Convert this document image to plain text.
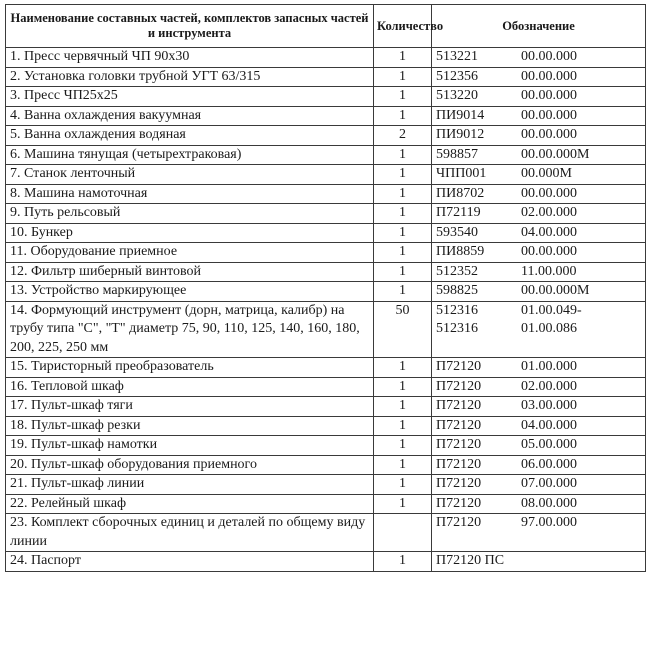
Наименование составных частей, комплектов запасных частей и инструмента	Количество	Обозначение
1. Пресс червячный ЧП 90х30	1	513221 00.00.000

2. Установка головки трубной УГТ 63/315	1	512356 00.00.000

3. Пресс ЧП25х25	1	513220 00.00.000

4. Ванна охлаждения вакуумная	1	ПИ9014 00.00.000

5. Ванна охлаждения водяная	2	ПИ9012 00.00.000

6. Машина тянущая (четырехтраковая)	1	598857 00.00.000М

7. Станок ленточный	1	ЧПП001 00.000М

8. Машина намоточная	1	ПИ8702 00.00.000

9. Путь рельсовый	1	П72119 02.00.000

10. Бункер	1	593540 04.00.000

11. Оборудование приемное	1	ПИ8859 00.00.000

12. Фильтр шиберный винтовой	1	512352 11.00.000

13. Устройство маркирующее	1	598825 00.00.000М

14. Формующий инструмент (дорн, матрица, калибр) на трубу типа "С", "Т" диаметр 75, 90, 110, 125, 140, 160, 180, 200, 225, 250 мм	50	512316 01.00.049-
512316 01.00.086

15. Тиристорный преобразователь	1	П72120 01.00.000

16. Тепловой шкаф	1	П72120 02.00.000

17. Пульт-шкаф тяги	1	П72120 03.00.000

18. Пульт-шкаф резки	1	П72120 04.00.000

19. Пульт-шкаф намотки	1	П72120 05.00.000

20. Пульт-шкаф оборудования приемного	1	П72120 06.00.000

21. Пульт-шкаф линии	1	П72120 07.00.000

22. Релейный шкаф	1	П72120 08.00.000

23. Комплект сборочных единиц и деталей по общему виду линии		П72120 97.00.000

24. Паспорт	1	П72120 ПС
